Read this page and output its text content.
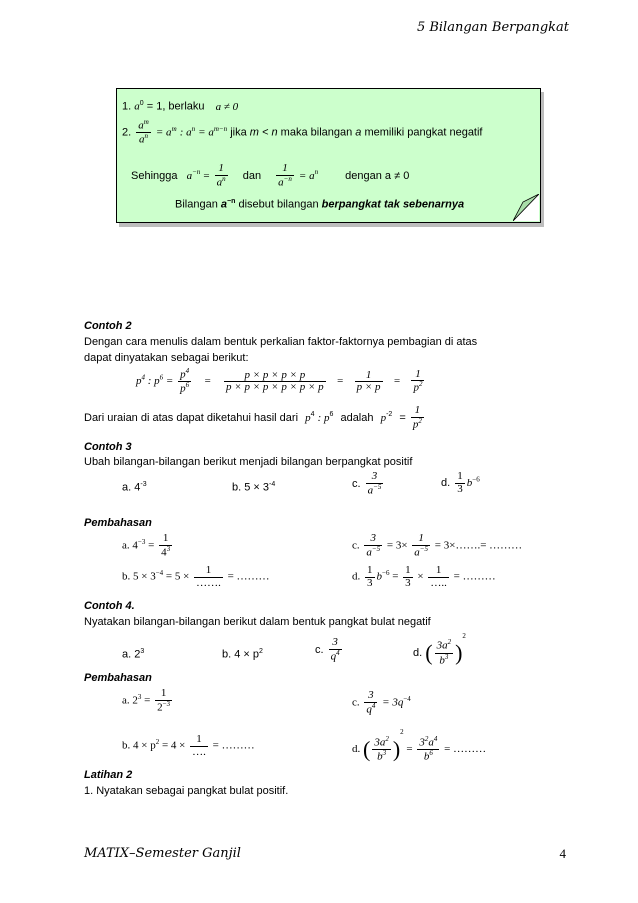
5 Bilangan Berpangkat
1. $a^0 = 1$, berlaku a ≠ 0
2. $\frac{a^m}{a^n} = a^m$ : $a^n = a^{m-n}$ jika m < n maka bilangan a memiliki pangkat negatif
Sehingga $a^{-n} = \frac{1}{a^n}$ dan $\frac{1}{a^{-n}} = a^n$ dengan a ≠ 0
Bilangan $a^{-n}$ disebut bilangan berpangkat tak sebenarnya
Contoh 2
Dengan cara menulis dalam bentuk perkalian faktor-faktornya pembagian di atas
dapat dinyatakan sebagai berikut:
$p^4$ : $p^6 = \frac{p^4}{p^6} = \frac{p \times p \times p \times p}{p \times p \times p \times p \times p \times p} = \frac{1}{p \times p} = \frac{1}{p^2}$
Dari uraian di atas dapat diketahui hasil dari $p^4$ : $p^6$ adalah $p^{-2} = \frac{1}{p^2}$
Contoh 3
Ubah bilangan-bilangan berikut menjadi bilangan berpangkat positif
a. $4^{-3}$	b. $5 \times 3^{-4}$	c. $\frac{3}{a^{-5}}$	d. $\frac{1}{3} b^{-6}$
Pembahasan
a. $4^{-3} = \frac{1}{4^3}$	c. $\frac{3}{a^{-5}} = 3\times \frac{1}{a^{-5}}$ = 3×…….= ………
b. $5 \times 3^{-4} = 5 \times \frac{1}{\dots\dots.}$ = ………	d. $\frac{1}{3} b^{-6} = \frac{1}{3} \times \frac{1}{\dots..}$ = ………
Contoh 4.
Nyatakan bilangan-bilangan berikut dalam bentuk pangkat bulat negatif
a. $2^3$	b. $4 \times p^2$	c. $\frac{3}{q^4}$	d. ( $\frac{3a^2}{b^3} )^2$
Pembahasan
a. $2^3 = \frac{1}{2^{-3}}$	c. $\frac{3}{q^4} = 3q^{-4}$
b. $4 \times p^2 = 4 \times \frac{1}{\dots.}$ = ………	d. ( $\frac{3a^2}{b^3} )^2 = \frac{3^2a^4}{b^6}$ = ………
Latihan 2
1. Nyatakan sebagai pangkat bulat positif.
MATIX–Semester Ganjil	4
